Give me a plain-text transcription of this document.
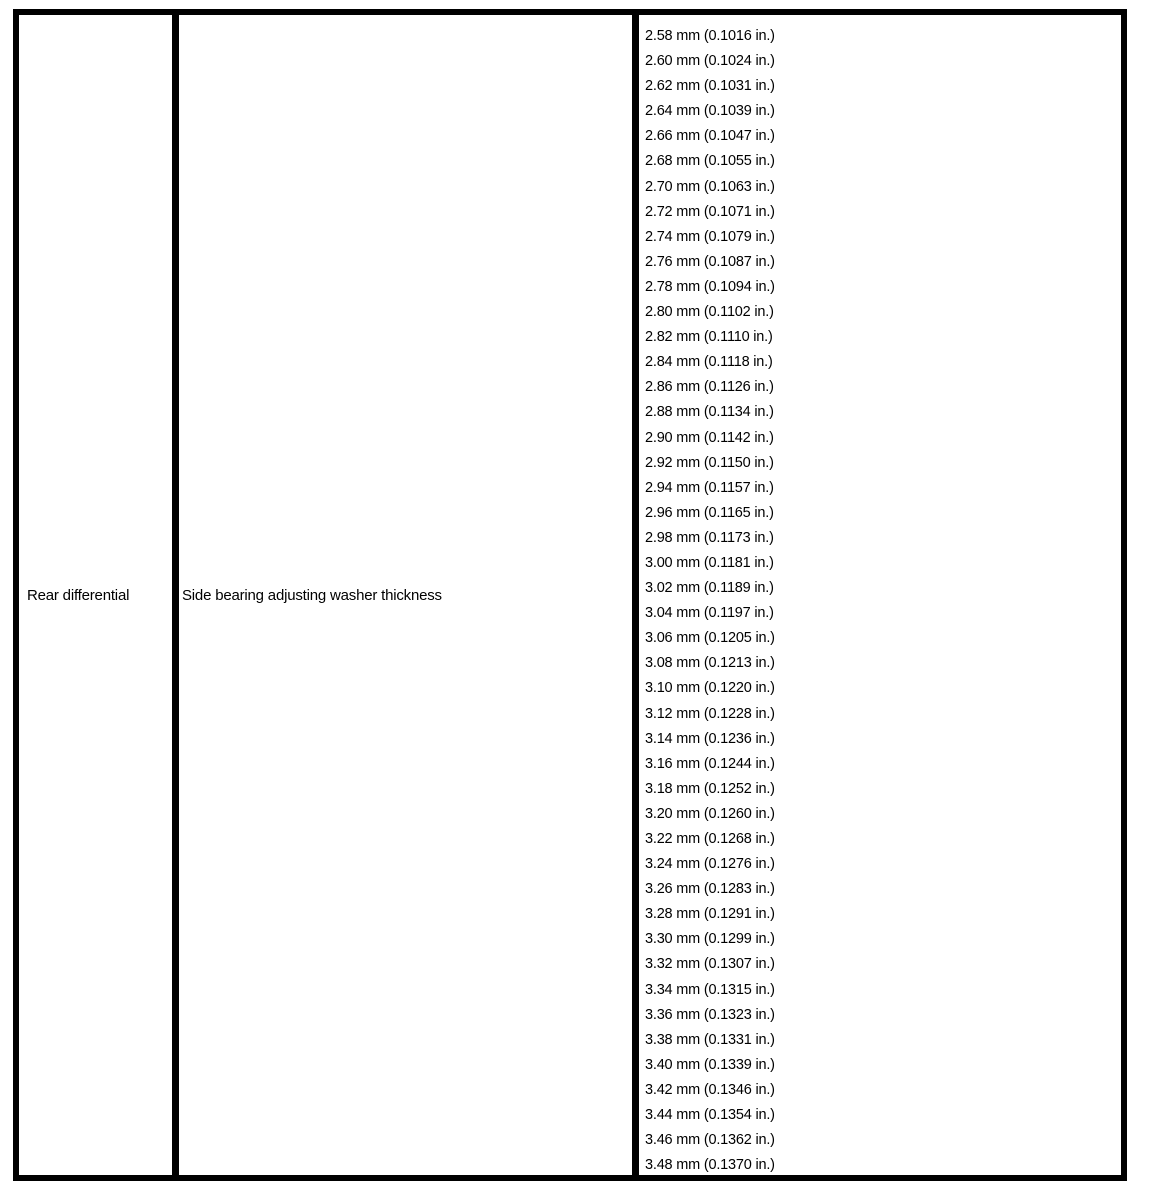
Rear differential	Side bearing adjusting washer thickness
2.58 mm (0.1016 in.)
2.60 mm (0.1024 in.)
2.62 mm (0.1031 in.)
2.64 mm (0.1039 in.)
2.66 mm (0.1047 in.)
2.68 mm (0.1055 in.)
2.70 mm (0.1063 in.)
2.72 mm (0.1071 in.)
2.74 mm (0.1079 in.)
2.76 mm (0.1087 in.)
2.78 mm (0.1094 in.)
2.80 mm (0.1102 in.)
2.82 mm (0.1110 in.)
2.84 mm (0.1118 in.)
2.86 mm (0.1126 in.)
2.88 mm (0.1134 in.)
2.90 mm (0.1142 in.)
2.92 mm (0.1150 in.)
2.94 mm (0.1157 in.)
2.96 mm (0.1165 in.)
2.98 mm (0.1173 in.)
3.00 mm (0.1181 in.)
3.02 mm (0.1189 in.)
3.04 mm (0.1197 in.)
3.06 mm (0.1205 in.)
3.08 mm (0.1213 in.)
3.10 mm (0.1220 in.)
3.12 mm (0.1228 in.)
3.14 mm (0.1236 in.)
3.16 mm (0.1244 in.)
3.18 mm (0.1252 in.)
3.20 mm (0.1260 in.)
3.22 mm (0.1268 in.)
3.24 mm (0.1276 in.)
3.26 mm (0.1283 in.)
3.28 mm (0.1291 in.)
3.30 mm (0.1299 in.)
3.32 mm (0.1307 in.)
3.34 mm (0.1315 in.)
3.36 mm (0.1323 in.)
3.38 mm (0.1331 in.)
3.40 mm (0.1339 in.)
3.42 mm (0.1346 in.)
3.44 mm (0.1354 in.)
3.46 mm (0.1362 in.)
3.48 mm (0.1370 in.)
